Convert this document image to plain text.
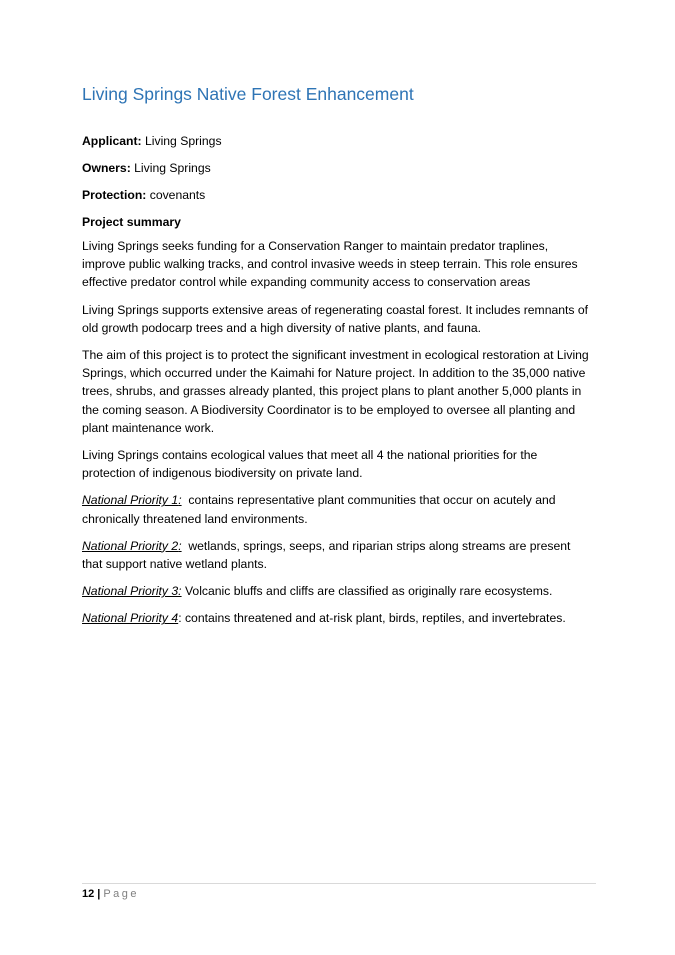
Living Springs Native Forest Enhancement

Applicant: Living Springs

Owners: Living Springs

Protection: covenants

Project summary

Living Springs seeks funding for a Conservation Ranger to maintain predator traplines, improve public walking tracks, and control invasive weeds in steep terrain. This role ensures effective predator control while expanding community access to conservation areas

Living Springs supports extensive areas of regenerating coastal forest. It includes remnants of old growth podocarp trees and a high diversity of native plants, and fauna.

The aim of this project is to protect the significant investment in ecological restoration at Living Springs, which occurred under the Kaimahi for Nature project. In addition to the 35,000 native trees, shrubs, and grasses already planted, this project plans to plant another 5,000 plants in the coming season. A Biodiversity Coordinator is to be employed to oversee all planting and plant maintenance work.

Living Springs contains ecological values that meet all 4 the national priorities for the protection of indigenous biodiversity on private land.

National Priority 1:  contains representative plant communities that occur on acutely and chronically threatened land environments.

National Priority 2:  wetlands, springs, seeps, and riparian strips along streams are present that support native wetland plants.

National Priority 3: Volcanic bluffs and cliffs are classified as originally rare ecosystems.

National Priority 4: contains threatened and at-risk plant, birds, reptiles, and invertebrates.

12 | Page
